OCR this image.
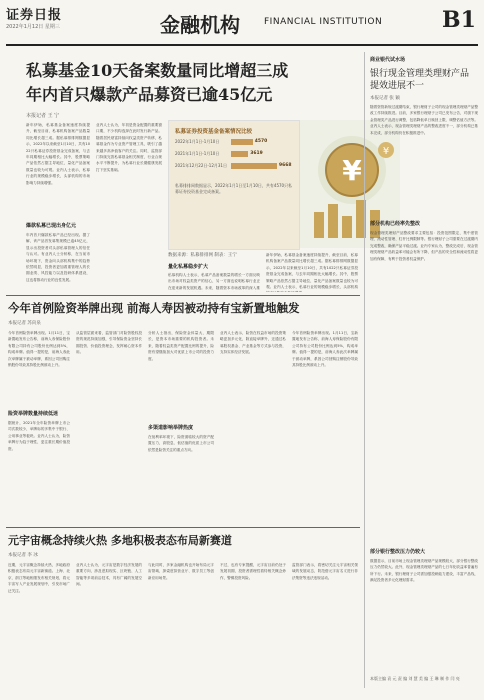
证券日报
2022年1月12日 星期三	金融机构	FINANCIAL INSTITUTION	B1
私募基金10天备案数量同比增超三成
年内首只爆款产品募资已逾45亿元
本报记者 王 宁
新年伊始，私募基金备案速度持续提升，截至目前，私募机构备案产品数量同比增长超三成。据私募排排网数据显示，2022年以来截至1月10日，共有1022只私募证券投资基金完成备案，与去年同期相比大幅增长。其中，股票策略产品依然占据主导地位，量化产品备案数量也较为可观。业内人士表示，私募行业的规模稳步增长，头部机构的市场影响力持续增强。
爆款私募已现出身亿元
年内首只爆款私募产品已经出现。据了解，该产品首发募集规模已逾45亿元，显示出投资者对头部私募管理人的信任与认可。有业内人士分析称，在当前市场环境下，资金向头部机构集中的趋势依然明显，投资者更加看重管理人的长期业绩、风控能力以及投研体系建设，这也将推动行业的良性发展。
业内人士认为，年初是资金配置的重要窗口期，不少机构选择在此时发行新产品。随着居民财富持续向权益类资产转移，私募基金作为专业资产管理工具，吸引了越来越多高净值客户的关注。同时，监管部门持续完善私募基金相关制度，行业合规水平不断提升，为私募行业长期健康发展打下坚实基础。
私募证券投资基金备案情况比较
2022年1月1日-1月10日	4570
2021年1月1日-1月10日	3619
2021年12月22日-12月31日	9668
私募排排网数据显示，2022年1月1日至1月10日，共有4570只私募证券投资基金完成备案。
¥
¥
数据来源：私募排排网 制表：王宁
量化私募稳步扩大
私募机构人士表示，私募产品备案数量的增长一方面反映出市场对权益类资产的信心，另一方面也说明私募行业正在迎来新的发展机遇。未来，随着资本市场改革的深入推
新年伊始，私募基金备案速度持续提升，截至目前，私募机构备案产品数量同比增长超三成。据私募排排网数据显示，2022年以来截至1月10日，共有1022只私募证券投资基金完成备案，与去年同期相比大幅增长。其中，股票策略产品依然占据主导地位，量化产品备案数量也较为可观。业内人士表示，私募行业的规模稳步增长，头部机构
商业银代试水场
银行现金管理类理财产品
提效进展不一
本报记者 张 颖
随着资管新规过渡期结束，银行理财子公司的现金管理类理财产品整改工作持续推进。目前，多家银行理财子公司已发布公告，对旗下现金管理类产品进行调整，包括降低单日赎回上限、调整估值方法等。业内人士表示，现金管理类理财产品的整改进度不一，部分机构已基本完成，部分机构仍在积极推进中。
部分机构已经率先整改
现金管理类理财产品整改要求主要包括：投资范围限定、集中度管理、流动性管理、杠杆比例限制等。银行理财子公司需要在过渡期内完成整改，确保产品平稳过渡。业内专家认为，整改完成后，现金管理类理财产品收益率可能会有所下降，但产品的安全性和流动性将更加有保障，有利于投资者权益保护。
部分银行整改压力仍较大
数据显示，目前市场上现金管理类理财产品规模较大，部分银行整改压力仍然较大。此外，现金管理类理财产品的七日年化收益率普遍有所下行。未来，银行理财子公司需加强投研能力建设，丰富产品线，满足投资者多元化理财需求。
本版主编 袁 元 责 编 刘 慧 美 编 王 琳 制 作 闫 亮
今年首例险资举牌出现 前海人寿因被动持有宝新置地触发
本报记者 苏向泉
今年首例险资举牌出现。1月11日，宝新置地发布公告称，前海人寿保险股份有限公司持有公司股份比例达到5%，构成举牌。值得一提的是，前海人寿此次举牌属于被动举牌，系因公司回购注销股份导致其持股比例被动上升。
险资举牌数量持续低迷
据统计，2021年全年险资举牌上市公司次数较少，举牌标的多集中于银行、公用事业等板块。业内人士认为，险资举牌行为趋于理性，更注重长期价值投资。
从监管层面来看，监管部门对险资股权投资的规范持续加强，引导保险资金坚持长期投资、价值投资理念，发挥耐心资本作用。
分析人士指出，保险资金体量大、期限长，是资本市场重要的机构投资者。未来，随着权益类资产配置比例的提升，险资有望继续加大对优质上市公司的投资力度。
多渠道影响举牌热度
在低利率环境下，险资面临较大的资产配置压力，高股息、低估值的优质上市公司依然是险资关注的重点方向。
业内人士表示，险资在权益市场的投资策略更加多元化，除直接举牌外，还通过私募股权基金、产业基金等方式参与投资，支持实体经济发展。
今年首例险资举牌出现。1月11日，宝新置地发布公告称，前海人寿保险股份有限公司持有公司股份比例达到5%，构成举牌。值得一提的是，前海人寿此次举牌属于被动举牌，系因公司回购注销股份导致其持股比例被动上升。
元宇宙概念持续火热 多地积极表态布局新赛道
本报记者 李 冰
近期，元宇宙概念持续火热，多地政府积极表态布局元宇宙新赛道。上海、北京、浙江等地相继发布相关规划，将元宇宙写入产业发展规划中，引发市场广泛关注。
业内人士认为，元宇宙是数字经济发展的重要方向，涉及虚拟现实、区块链、人工智能等多项前沿技术，具有广阔的发展空间。
与此同时，多家金融机构也开始布局元宇宙领域，探索虚拟营业厅、数字员工等创新应用场景。
不过，也有专家提醒，元宇宙目前仍处于发展初期，投资者需理性看待相关概念炒作，警惕投资风险。
监管部门表示，将密切关注元宇宙相关领域的发展动态，防范借元宇宙名义进行非法集资等违法违规活动。
